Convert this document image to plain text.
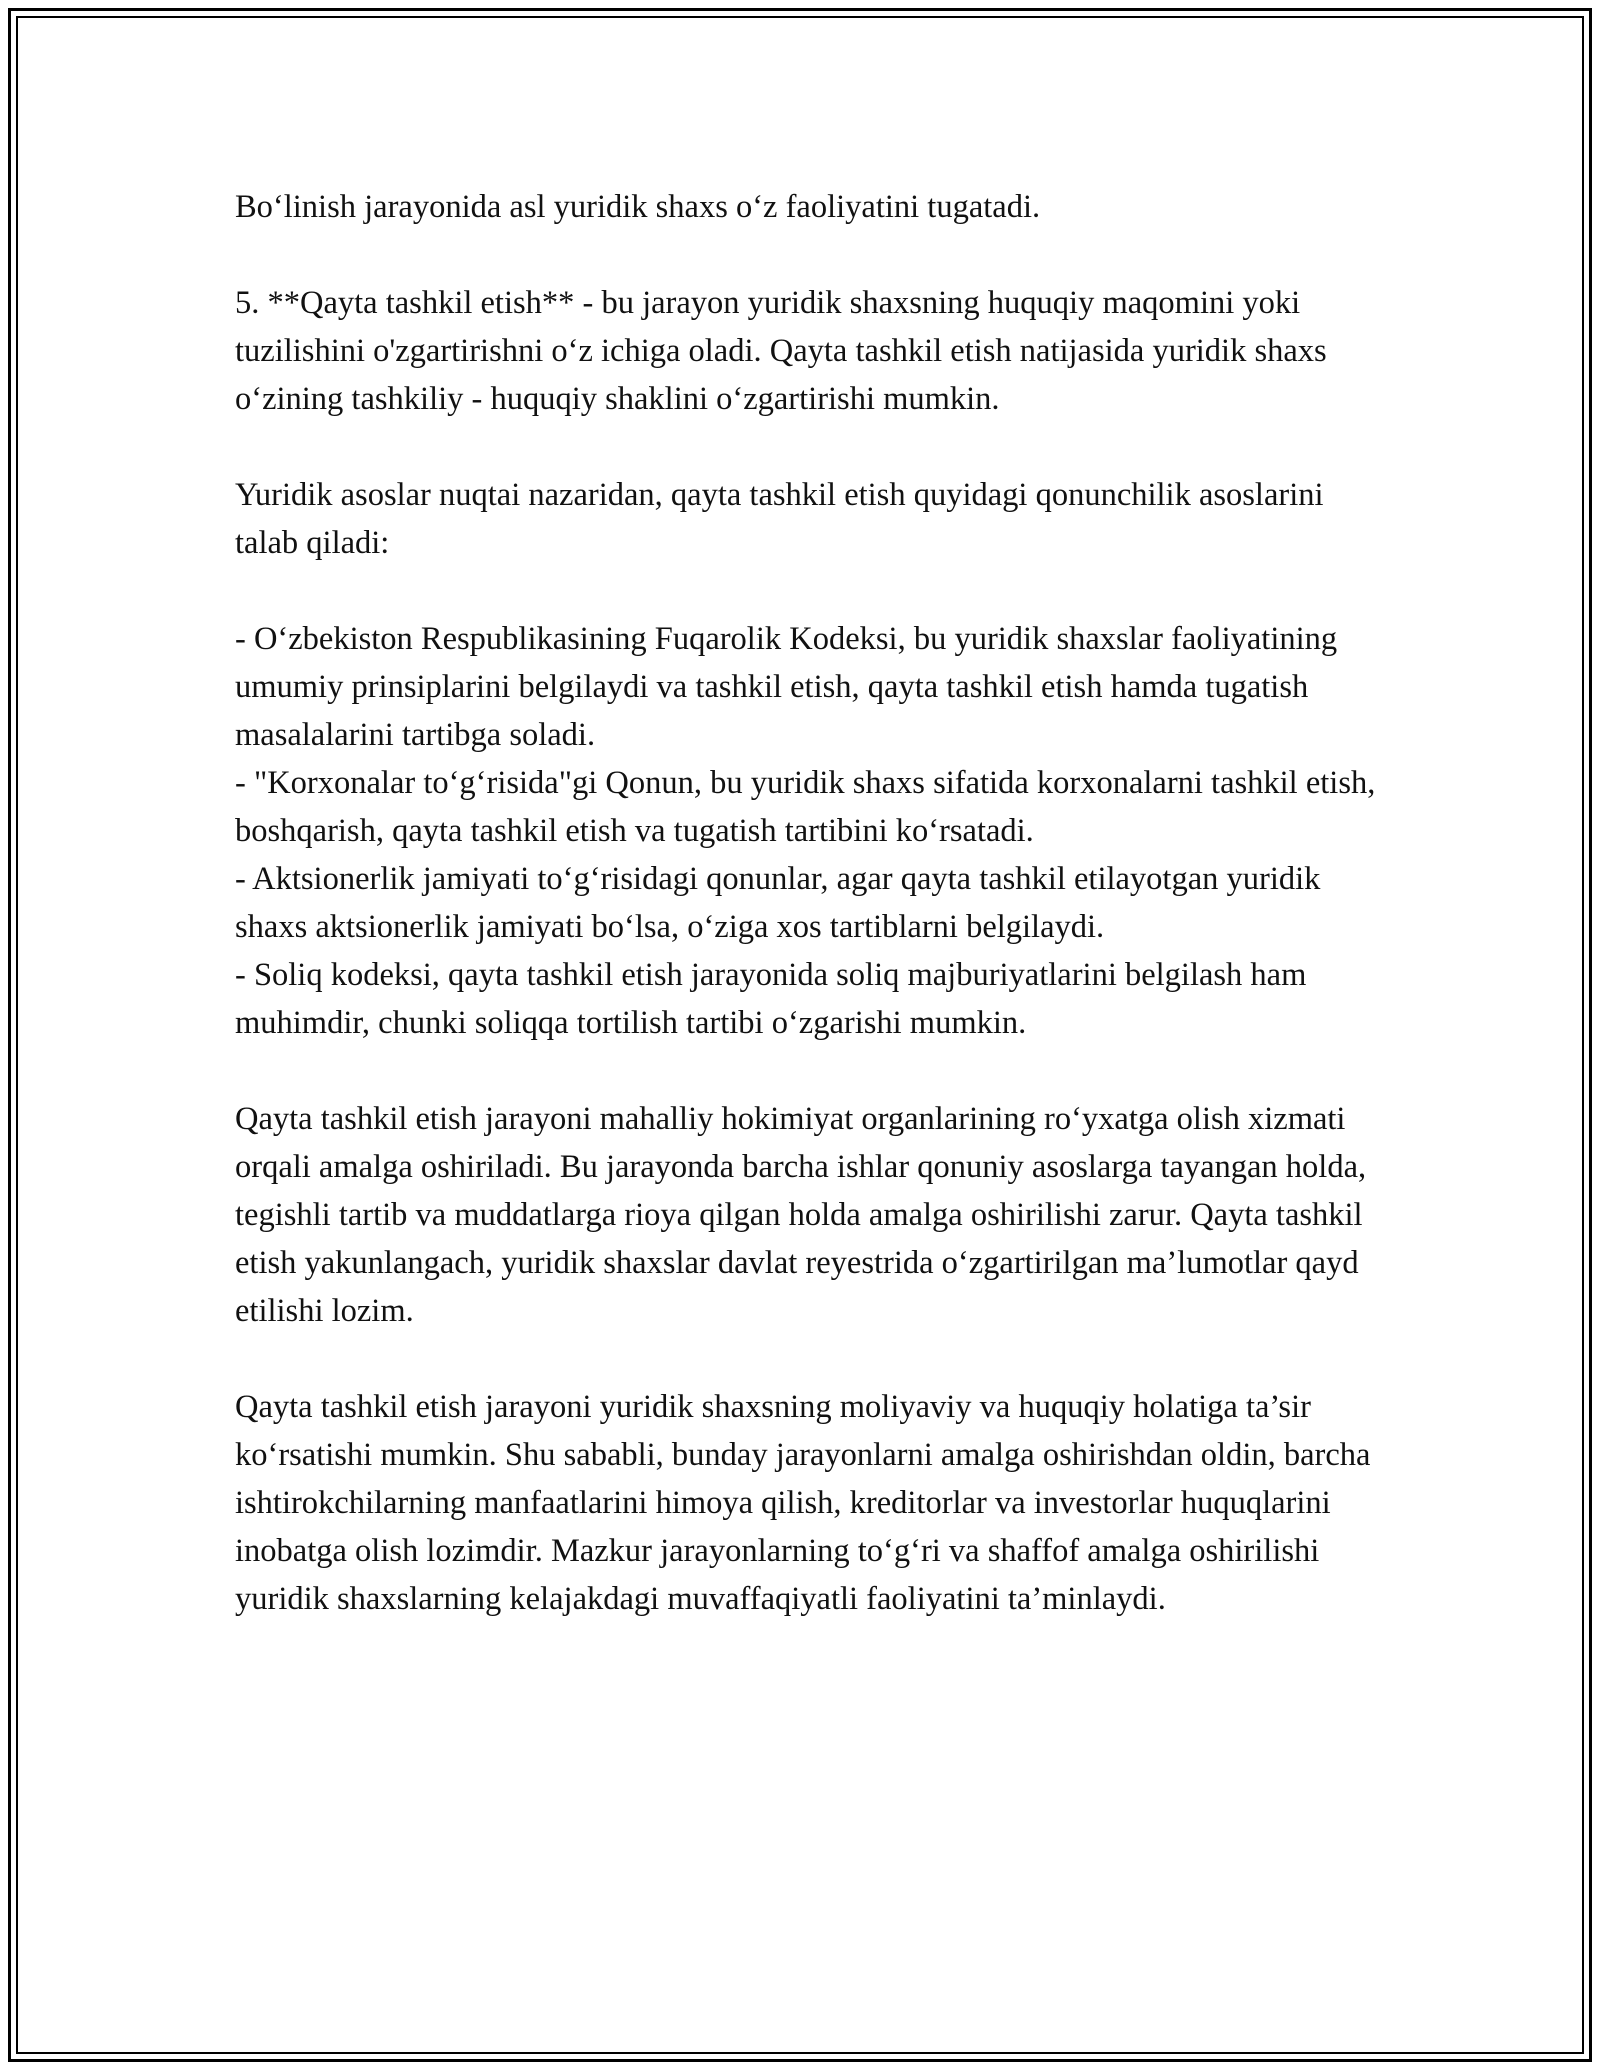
Bo‘linish jarayonida asl yuridik shaxs o‘z faoliyatini tugatadi.

5. **Qayta tashkil etish** - bu jarayon yuridik shaxsning huquqiy maqomini yoki tuzilishini o'zgartirishni o‘z ichiga oladi. Qayta tashkil etish natijasida yuridik shaxs o‘zining tashkiliy - huquqiy shaklini o‘zgartirishi mumkin.

Yuridik asoslar nuqtai nazaridan, qayta tashkil etish quyidagi qonunchilik asoslarini talab qiladi:

- O‘zbekiston Respublikasining Fuqarolik Kodeksi, bu yuridik shaxslar faoliyatining umumiy prinsiplarini belgilaydi va tashkil etish, qayta tashkil etish hamda tugatish masalalarini tartibga soladi.
- "Korxonalar to‘g‘risida"gi Qonun, bu yuridik shaxs sifatida korxonalarni tashkil etish, boshqarish, qayta tashkil etish va tugatish tartibini ko‘rsatadi.
- Aktsionerlik jamiyati to‘g‘risidagi qonunlar, agar qayta tashkil etilayotgan yuridik shaxs aktsionerlik jamiyati bo‘lsa, o‘ziga xos tartiblarni belgilaydi.
- Soliq kodeksi, qayta tashkil etish jarayonida soliq majburiyatlarini belgilash ham muhimdir, chunki soliqqa tortilish tartibi o‘zgarishi mumkin.

Qayta tashkil etish jarayoni mahalliy hokimiyat organlarining ro‘yxatga olish xizmati orqali amalga oshiriladi. Bu jarayonda barcha ishlar qonuniy asoslarga tayangan holda, tegishli tartib va muddatlarga rioya qilgan holda amalga oshirilishi zarur. Qayta tashkil etish yakunlangach, yuridik shaxslar davlat reyestrida o‘zgartirilgan ma’lumotlar qayd etilishi lozim.

Qayta tashkil etish jarayoni yuridik shaxsning moliyaviy va huquqiy holatiga ta’sir ko‘rsatishi mumkin. Shu sababli, bunday jarayonlarni amalga oshirishdan oldin, barcha ishtirokchilarning manfaatlarini himoya qilish, kreditorlar va investorlar huquqlarini inobatga olish lozimdir. Mazkur jarayonlarning to‘g‘ri va shaffof amalga oshirilishi yuridik shaxslarning kelajakdagi muvaffaqiyatli faoliyatini ta’minlaydi.
